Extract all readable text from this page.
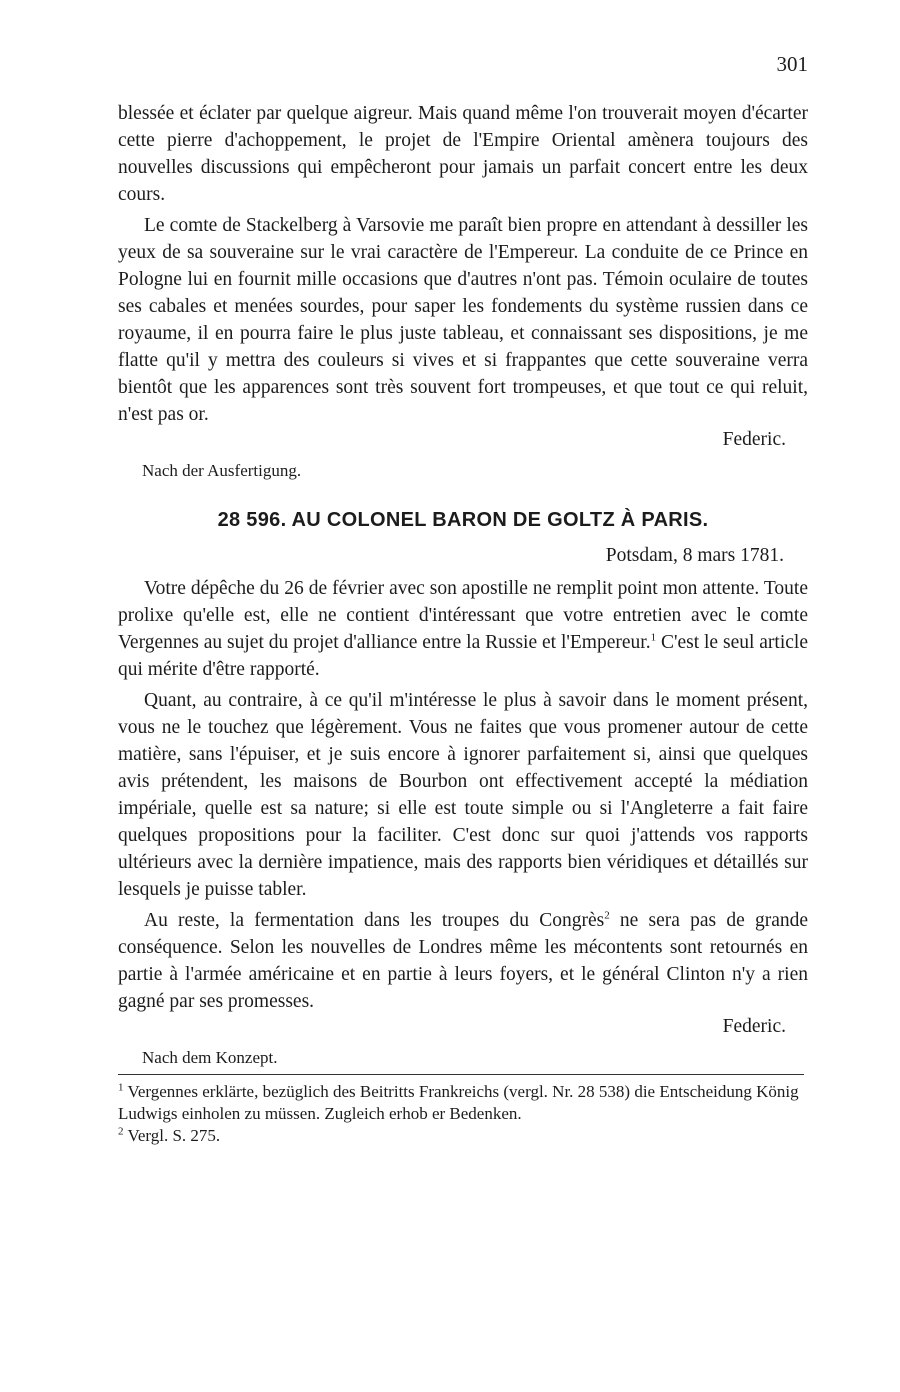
301

blessée et éclater par quelque aigreur. Mais quand même l'on trouverait moyen d'écarter cette pierre d'achoppement, le projet de l'Empire Oriental amènera toujours des nouvelles discussions qui empêcheront pour jamais un parfait concert entre les deux cours.

Le comte de Stackelberg à Varsovie me paraît bien propre en attendant à dessiller les yeux de sa souveraine sur le vrai caractère de l'Empereur. La conduite de ce Prince en Pologne lui en fournit mille occasions que d'autres n'ont pas. Témoin oculaire de toutes ses cabales et menées sourdes, pour saper les fondements du système russien dans ce royaume, il en pourra faire le plus juste tableau, et connaissant ses dispositions, je me flatte qu'il y mettra des couleurs si vives et si frappantes que cette souveraine verra bientôt que les apparences sont très souvent fort trompeuses, et que tout ce qui reluit, n'est pas or.

Federic.
Nach der Ausfertigung.
28 596. AU COLONEL BARON DE GOLTZ À PARIS.
Potsdam, 8 mars 1781.

Votre dépêche du 26 de février avec son apostille ne remplit point mon attente. Toute prolixe qu'elle est, elle ne contient d'intéressant que votre entretien avec le comte Vergennes au sujet du projet d'alliance entre la Russie et l'Empereur.$^1$ C'est le seul article qui mérite d'être rapporté.

Quant, au contraire, à ce qu'il m'intéresse le plus à savoir dans le moment présent, vous ne le touchez que légèrement. Vous ne faites que vous promener autour de cette matière, sans l'épuiser, et je suis encore à ignorer parfaitement si, ainsi que quelques avis prétendent, les maisons de Bourbon ont effectivement accepté la médiation impériale, quelle est sa nature; si elle est toute simple ou si l'Angleterre a fait faire quelques propositions pour la faciliter. C'est donc sur quoi j'attends vos rapports ultérieurs avec la dernière impatience, mais des rapports bien véridiques et détaillés sur lesquels je puisse tabler.

Au reste, la fermentation dans les troupes du Congrès$^2$ ne sera pas de grande conséquence. Selon les nouvelles de Londres même les mécontents sont retournés en partie à l'armée américaine et en partie à leurs foyers, et le général Clinton n'y a rien gagné par ses promesses.

Federic.
Nach dem Konzept.
$^1$ Vergennes erklärte, bezüglich des Beitritts Frankreichs (vergl. Nr. 28 538) die Entscheidung König Ludwigs einholen zu müssen. Zugleich erhob er Bedenken.
$^2$ Vergl. S. 275.
